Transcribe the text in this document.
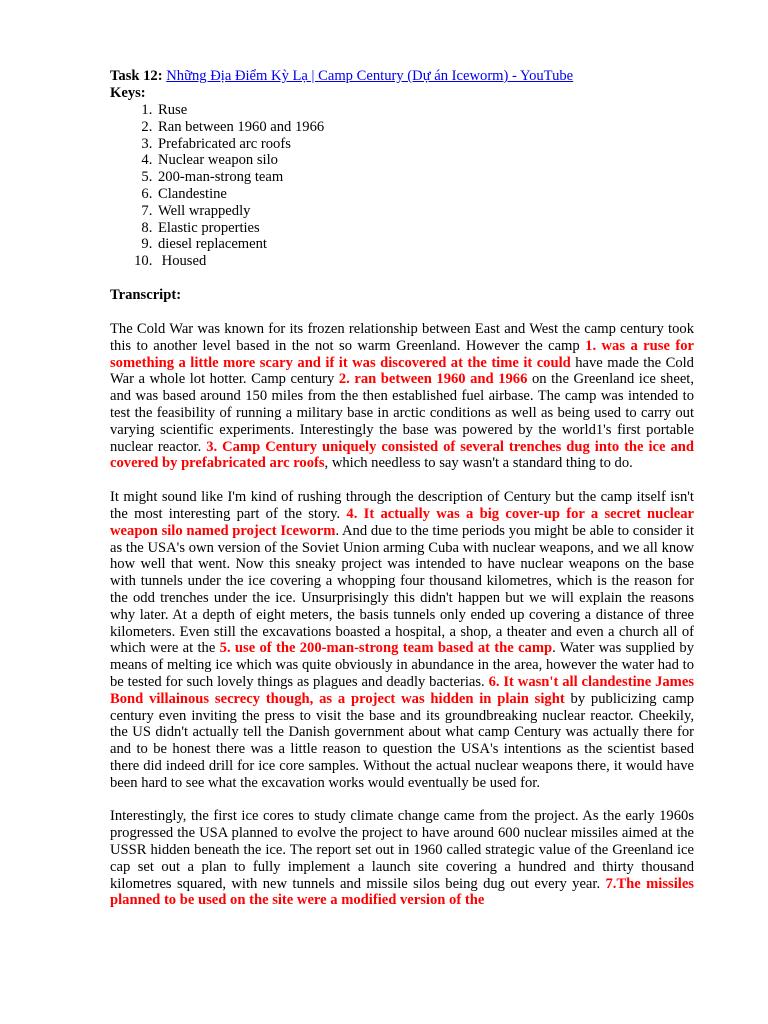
Task 12: Những Địa Điểm Kỳ Lạ | Camp Century (Dự án Iceworm) - YouTube
Keys:
1. Ruse
2. Ran between 1960 and 1966
3. Prefabricated arc roofs
4. Nuclear weapon silo
5. 200-man-strong team
6. Clandestine
7. Well wrappedly
8. Elastic properties
9. diesel replacement
10.  Housed
Transcript:

The Cold War was known for its frozen relationship between East and West the camp century took this to another level based in the not so warm Greenland. However the camp 1. was a ruse for something a little more scary and if it was discovered at the time it could have made the Cold War a whole lot hotter. Camp century 2. ran between 1960 and 1966 on the Greenland ice sheet, and was based around 150 miles from the then established fuel airbase. The camp was intended to test the feasibility of running a military base in arctic conditions as well as being used to carry out varying scientific experiments. Interestingly the base was powered by the world1's first portable nuclear reactor. 3. Camp Century uniquely consisted of several trenches dug into the ice and covered by prefabricated arc roofs, which needless to say wasn't a standard thing to do.

It might sound like I'm kind of rushing through the description of Century but the camp itself isn't the most interesting part of the story. 4. It actually was a big cover-up for a secret nuclear weapon silo named project Iceworm. And due to the time periods you might be able to consider it as the USA's own version of the Soviet Union arming Cuba with nuclear weapons, and we all know how well that went. Now this sneaky project was intended to have nuclear weapons on the base with tunnels under the ice covering a whopping four thousand kilometres, which is the reason for the odd trenches under the ice. Unsurprisingly this didn't happen but we will explain the reasons why later. At a depth of eight meters, the basis tunnels only ended up covering a distance of three kilometers. Even still the excavations boasted a hospital, a shop, a theater and even a church all of which were at the 5. use of the 200-man-strong team based at the camp. Water was supplied by means of melting ice which was quite obviously in abundance in the area, however the water had to be tested for such lovely things as plagues and deadly bacterias. 6. It wasn't all clandestine James Bond villainous secrecy though, as a project was hidden in plain sight by publicizing camp century even inviting the press to visit the base and its groundbreaking nuclear reactor. Cheekily, the US didn't actually tell the Danish government about what camp Century was actually there for and to be honest there was a little reason to question the USA's intentions as the scientist based there did indeed drill for ice core samples. Without the actual nuclear weapons there, it would have been hard to see what the excavation works would eventually be used for.

Interestingly, the first ice cores to study climate change came from the project. As the early 1960s progressed the USA planned to evolve the project to have around 600 nuclear missiles aimed at the USSR hidden beneath the ice. The report set out in 1960 called strategic value of the Greenland ice cap set out a plan to fully implement a launch site covering a hundred and thirty thousand kilometres squared, with new tunnels and missile silos being dug out every year. 7.The missiles planned to be used on the site were a modified version of the
